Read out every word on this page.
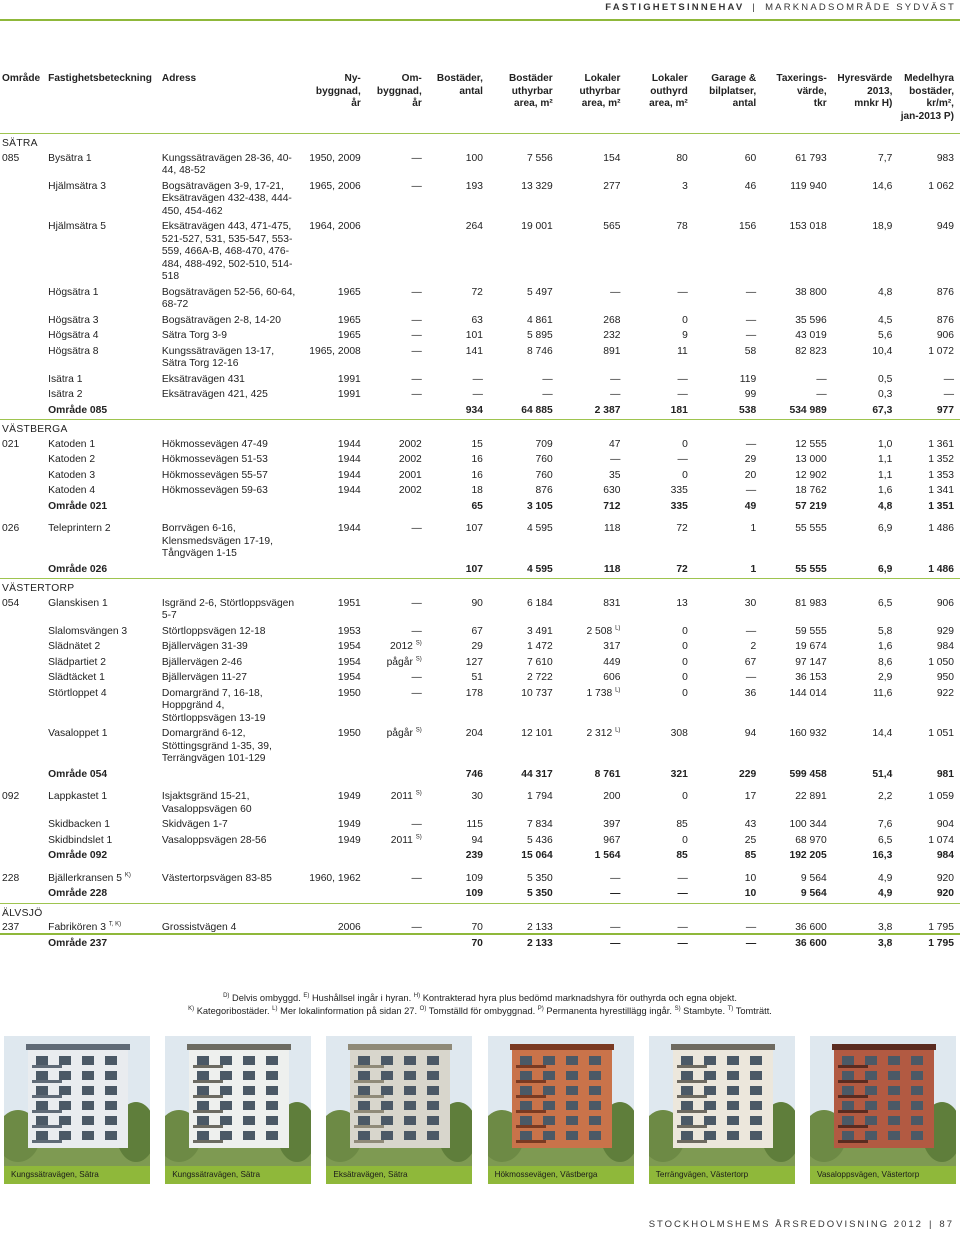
FASTIGHETSINNEHAV | MARKNADSOMRÅDE SYDVÄST
Område	Fastighetsbeteckning	Adress	Ny-
byggnad,
år	Om-
byggnad,
år	Bostäder,
antal	Bostäder
uthyrbar
area, m²	Lokaler
uthyrbar
area, m²	Lokaler
outhyrd
area, m²	Garage &
bilplatser,
antal	Taxerings-
värde,
tkr	Hyresvärde
2013,
mnkr H)	Medelhyra
bostäder,
kr/m²,
jan-2013 P)
SÄTRA												
085	Bysätra 1	Kungssätravägen 28-36, 40-44, 48-52	1950, 2009	—	100	7 556	154	80	60	61 793	7,7	983
	Hjälmsätra 3	Bogsätravägen 3-9, 17-21, Eksätravägen 432-438, 444-450, 454-462	1965, 2006	—	193	13 329	277	3	46	119 940	14,6	1 062
	Hjälmsätra 5	Eksätravägen 443, 471-475, 521-527, 531, 535-547, 553-559, 466A-B, 468-470, 476-484, 488-492, 502-510, 514-518	1964, 2006		264	19 001	565	78	156	153 018	18,9	949
	Högsätra 1	Bogsätravägen 52-56, 60-64, 68-72	1965	—	72	5 497	—	—	—	38 800	4,8	876
	Högsätra 3	Bogsätravägen 2-8, 14-20	1965	—	63	4 861	268	0	—	35 596	4,5	876
	Högsätra 4	Sätra Torg 3-9	1965	—	101	5 895	232	9	—	43 019	5,6	906
	Högsätra 8	Kungssätravägen 13-17, Sätra Torg 12-16	1965, 2008	—	141	8 746	891	11	58	82 823	10,4	1 072
	Isätra 1	Eksätravägen 431	1991	—	—	—	—	—	119	—	0,5	—
	Isätra 2	Eksätravägen 421, 425	1991	—	—	—	—	—	99	—	0,3	—
	Område 085				934	64 885	2 387	181	538	534 989	67,3	977
VÄSTBERGA												
021	Katoden 1	Hökmossevägen 47-49	1944	2002	15	709	47	0	—	12 555	1,0	1 361
	Katoden 2	Hökmossevägen 51-53	1944	2002	16	760	—	—	29	13 000	1,1	1 352
	Katoden 3	Hökmossevägen 55-57	1944	2001	16	760	35	0	20	12 902	1,1	1 353
	Katoden 4	Hökmossevägen 59-63	1944	2002	18	876	630	335	—	18 762	1,6	1 341
	Område 021				65	3 105	712	335	49	57 219	4,8	1 351

026	Teleprintern 2	Borrvägen 6-16, Klensmedsvägen 17-19, Tångvägen 1-15	1944	—	107	4 595	118	72	1	55 555	6,9	1 486
	Område 026				107	4 595	118	72	1	55 555	6,9	1 486
VÄSTERTORP												
054	Glanskisen 1	Isgränd 2-6, Störtloppsvägen 5-7	1951	—	90	6 184	831	13	30	81 983	6,5	906
	Slalomsvängen 3	Störtloppsvägen 12-18	1953	—	67	3 491	2 508 $^{L)}$	0	—	59 555	5,8	929
	Slädnätet 2	Bjällervägen 31-39	1954	2012 $^{S)}$	29	1 472	317	0	2	19 674	1,6	984
	Slädpartiet 2	Bjällervägen 2-46	1954	pågår $^{S)}$	127	7 610	449	0	67	97 147	8,6	1 050
	Slädtäcket 1	Bjällervägen 11-27	1954	—	51	2 722	606	0	—	36 153	2,9	950
	Störtloppet 4	Domargränd 7, 16-18, Hoppgränd 4, Störtloppsvägen 13-19	1950	—	178	10 737	1 738 $^{L)}$	0	36	144 014	11,6	922
	Vasaloppet 1	Domargränd 6-12, Stöttingsgränd 1-35, 39, Terrängvägen 101-129	1950	pågår $^{S)}$	204	12 101	2 312 $^{L)}$	308	94	160 932	14,4	1 051
	Område 054				746	44 317	8 761	321	229	599 458	51,4	981

092	Lappkastet 1	Isjaktsgränd 15-21, Vasaloppsvägen 60	1949	2011 $^{S)}$	30	1 794	200	0	17	22 891	2,2	1 059
	Skidbacken 1	Skidvägen 1-7	1949	—	115	7 834	397	85	43	100 344	7,6	904
	Skidbindslet 1	Vasaloppsvägen 28-56	1949	2011 $^{S)}$	94	5 436	967	0	25	68 970	6,5	1 074
	Område 092				239	15 064	1 564	85	85	192 205	16,3	984

228	Bjällerkransen 5 $^{K)}$	Västertorpsvägen 83-85	1960, 1962	—	109	5 350	—	—	10	9 564	4,9	920
	Område 228				109	5 350	—	—	10	9 564	4,9	920
ÄLVSJÖ												
237	Fabrikören 3 $^{T, K)}$	Grossistvägen 4	2006	—	70	2 133	—	—	—	36 600	3,8	1 795
	Område 237				70	2 133	—	—	—	36 600	3,8	1 795
$^{D)}$ Delvis ombyggd. $^{E)}$ Hushållsel ingår i hyran. $^{H)}$ Kontrakterad hyra plus bedömd marknadshyra för outhyrda och egna objekt.
$^{K)}$ Kategoribostäder. $^{L)}$ Mer lokalinformation på sidan 27. $^{O)}$ Tomställd för ombyggnad. $^{P)}$ Permanenta hyrestillägg ingår. $^{S)}$ Stambyte. $^{T)}$ Tomträtt.
Kungssätravägen, Sätra	Kungssätravägen, Sätra	Eksätravägen, Sätra	Hökmossevägen, Västberga	Terrängvägen, Västertorp	Vasaloppsvägen, Västertorp
STOCKHOLMSHEMS ÅRSREDOVISNING 2012 | 87
